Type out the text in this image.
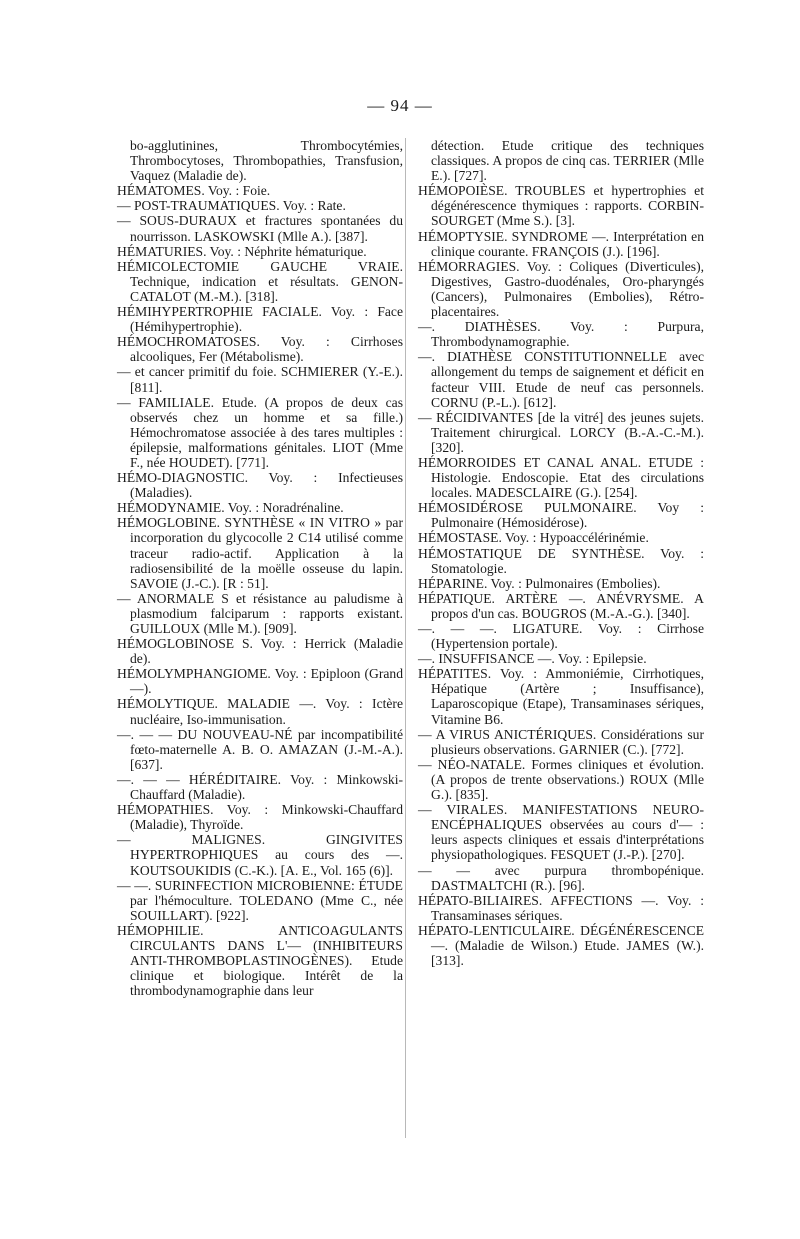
— 94 —

bo-agglutinines, Thrombocytémies, Thrombocytoses, Thrombopathies, Transfusion, Vaquez (Maladie de).

HÉMATOMES. Voy. : Foie.

— POST-TRAUMATIQUES. Voy. : Rate.

— SOUS-DURAUX et fractures spontanées du nourrisson. LASKOWSKI (Mlle A.). [387].

HÉMATURIES. Voy. : Néphrite hématurique.

HÉMICOLECTOMIE GAUCHE VRAIE. Technique, indication et résultats. GENON-CATALOT (M.-M.). [318].

HÉMIHYPERTROPHIE FACIALE. Voy. : Face (Hémihypertrophie).

HÉMOCHROMATOSES. Voy. : Cirrhoses alcooliques, Fer (Métabolisme).

— et cancer primitif du foie. SCHMIERER (Y.-E.). [811].

— FAMILIALE. Etude. (A propos de deux cas observés chez un homme et sa fille.) Hémochromatose associée à des tares multiples : épilepsie, malformations génitales. LIOT (Mme F., née HOUDET). [771].

HÉMO-DIAGNOSTIC. Voy. : Infectieuses (Maladies).

HÉMODYNAMIE. Voy. : Noradrénaline.

HÉMOGLOBINE. SYNTHÈSE « IN VITRO » par incorporation du glycocolle 2 C14 utilisé comme traceur radio-actif. Application à la radiosensibilité de la moëlle osseuse du lapin. SAVOIE (J.-C.). [R : 51].

— ANORMALE S et résistance au paludisme à plasmodium falciparum : rapports existant. GUILLOUX (Mlle M.). [909].

HÉMOGLOBINOSE S. Voy. : Herrick (Maladie de).

HÉMOLYMPHANGIOME. Voy. : Epiploon (Grand —).

HÉMOLYTIQUE. MALADIE —. Voy. : Ictère nucléaire, Iso-immunisation.

—. — — DU NOUVEAU-NÉ par incompatibilité fœto-maternelle A. B. O. AMAZAN (J.-M.-A.). [637].

—. — — HÉRÉDITAIRE. Voy. : Minkowski-Chauffard (Maladie).

HÉMOPATHIES. Voy. : Minkowski-Chauffard (Maladie), Thyroïde.

— MALIGNES. GINGIVITES HYPERTROPHIQUES au cours des —. KOUTSOUKIDIS (C.-K.). [A. E., Vol. 165 (6)].

— —. SURINFECTION MICROBIENNE: ÉTUDE par l'hémoculture. TOLEDANO (Mme C., née SOUILLART). [922].

HÉMOPHILIE. ANTICOAGULANTS CIRCULANTS DANS L'— (INHIBITEURS ANTI-THROMBOPLASTINOGÈNES). Etude clinique et biologique. Intérêt de la thrombodynamographie dans leur

détection. Etude critique des techniques classiques. A propos de cinq cas. TERRIER (Mlle E.). [727].

HÉMOPOIÈSE. TROUBLES et hypertrophies et dégénérescence thymiques : rapports. CORBIN-SOURGET (Mme S.). [3].

HÉMOPTYSIE. SYNDROME —. Interprétation en clinique courante. FRANÇOIS (J.). [196].

HÉMORRAGIES. Voy. : Coliques (Diverticules), Digestives, Gastro-duodénales, Oro-pharyngés (Cancers), Pulmonaires (Embolies), Rétro-placentaires.

—. DIATHÈSES. Voy. : Purpura, Thrombodynamographie.

—. DIATHÈSE CONSTITUTIONNELLE avec allongement du temps de saignement et déficit en facteur VIII. Etude de neuf cas personnels. CORNU (P.-L.). [612].

— RÉCIDIVANTES [de la vitré] des jeunes sujets. Traitement chirurgical. LORCY (B.-A.-C.-M.). [320].

HÉMORROIDES ET CANAL ANAL. ETUDE : Histologie. Endoscopie. Etat des circulations locales. MADESCLAIRE (G.). [254].

HÉMOSIDÉROSE PULMONAIRE. Voy : Pulmonaire (Hémosidérose).

HÉMOSTASE. Voy. : Hypoaccélérinémie.

HÉMOSTATIQUE DE SYNTHÈSE. Voy. : Stomatologie.

HÉPARINE. Voy. : Pulmonaires (Embolies).

HÉPATIQUE. ARTÈRE —. ANÉVRYSME. A propos d'un cas. BOUGROS (M.-A.-G.). [340].

—. — —. LIGATURE. Voy. : Cirrhose (Hypertension portale).

—. INSUFFISANCE —. Voy. : Epilepsie.

HÉPATITES. Voy. : Ammoniémie, Cirrhotiques, Hépatique (Artère ; Insuffisance), Laparoscopique (Etape), Transaminases sériques, Vitamine B6.

— A VIRUS ANICTÉRIQUES. Considérations sur plusieurs observations. GARNIER (C.). [772].

— NÉO-NATALE. Formes cliniques et évolution. (A propos de trente observations.) ROUX (Mlle G.). [835].

— VIRALES. MANIFESTATIONS NEURO-ENCÉPHALIQUES observées au cours d'— : leurs aspects cliniques et essais d'interprétations physiopathologiques. FESQUET (J.-P.). [270].

— — avec purpura thrombopénique. DASTMALTCHI (R.). [96].

HÉPATO-BILIAIRES. AFFECTIONS —. Voy. : Transaminases sériques.

HÉPATO-LENTICULAIRE. DÉGÉNÉRESCENCE —. (Maladie de Wilson.) Etude. JAMES (W.). [313].
